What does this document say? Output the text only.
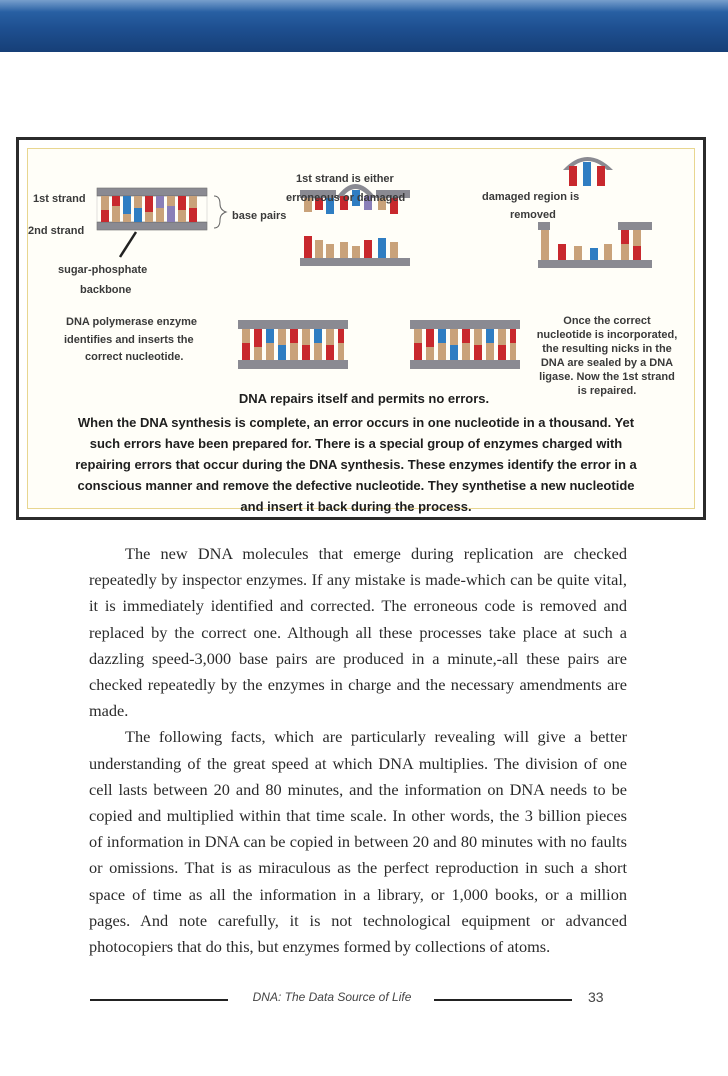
1st strand
2nd strand
base pairs
sugar-phosphate
backbone
1st strand is either
erroneous or damaged	damaged region is
removed
DNA polymerase enzyme
identifies and inserts the
correct nucleotide.
Once the correct
nucleotide is incorporated,
the resulting nicks in the
DNA are sealed by a DNA
ligase. Now the 1st strand
is repaired.
DNA repairs itself and permits no errors.
When the DNA synthesis is complete, an error occurs in one nucleotide in a thousand. Yet
such errors have been prepared for. There is a special group of enzymes charged with
repairing errors that occur during the DNA synthesis. These enzymes identify the error in a
conscious manner and remove the defective nucleotide. They synthetise a new nucleotide
and insert it back during the process.

The new DNA molecules that emerge during replication are checked repeatedly by inspector enzymes. If any mistake is made-which can be quite vital, it is immediately identified and corrected. The erroneous code is removed and replaced by the correct one. Although all these processes take place at such a dazzling speed-3,000 base pairs are produced in a minute,-all these pairs are checked repeatedly by the enzymes in charge and the necessary amendments are made.

The following facts, which are particularly revealing will give a better understanding of the great speed at which DNA multiplies. The division of one cell lasts between 20 and 80 minutes, and the information on DNA needs to be copied and multiplied within that time scale. In other words, the 3 billion pieces of information in DNA can be copied in between 20 and 80 minutes with no faults or omissions. That is as miraculous as the perfect reproduction in such a short space of time as all the information in a library, or 1,000 books, or a million pages. And note carefully, it is not technological equipment or advanced photocopiers that do this, but enzymes formed by collections of atoms.

DNA: The Data Source of Life	33
